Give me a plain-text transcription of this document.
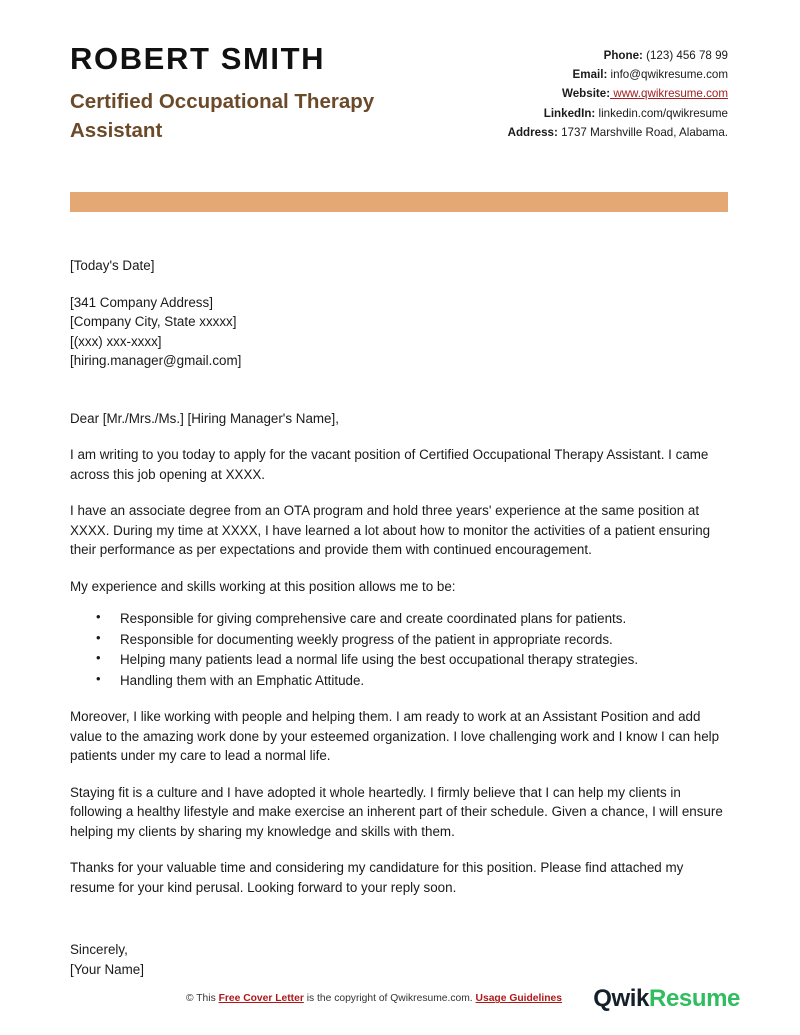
ROBERT SMITH
Certified Occupational Therapy Assistant
Phone: (123) 456 78 99
Email: info@qwikresume.com
Website: www.qwikresume.com
LinkedIn: linkedin.com/qwikresume
Address: 1737 Marshville Road, Alabama.
[Today's Date]
[341 Company Address]
[Company City, State xxxxx]
[(xxx) xxx-xxxx]
[hiring.manager@gmail.com]

Dear [Mr./Mrs./Ms.] [Hiring Manager's Name],

I am writing to you today to apply for the vacant position of Certified Occupational Therapy Assistant. I came across this job opening at XXXX.

I have an associate degree from an OTA program and hold three years' experience at the same position at XXXX. During my time at XXXX, I have learned a lot about how to monitor the activities of a patient ensuring their performance as per expectations and provide them with continued encouragement.

My experience and skills working at this position allows me to be:

• Responsible for giving comprehensive care and create coordinated plans for patients.
• Responsible for documenting weekly progress of the patient in appropriate records.
• Helping many patients lead a normal life using the best occupational therapy strategies.
• Handling them with an Emphatic Attitude.

Moreover, I like working with people and helping them. I am ready to work at an Assistant Position and add value to the amazing work done by your esteemed organization. I love challenging work and I know I can help patients under my care to lead a normal life.

Staying fit is a culture and I have adopted it whole heartedly. I firmly believe that I can help my clients in following a healthy lifestyle and make exercise an inherent part of their schedule. Given a chance, I will ensure helping my clients by sharing my knowledge and skills with them.

Thanks for your valuable time and considering my candidature for this position. Please find attached my resume for your kind perusal. Looking forward to your reply soon.

Sincerely,
[Your Name]
© This Free Cover Letter is the copyright of Qwikresume.com. Usage Guidelines QwikResume
